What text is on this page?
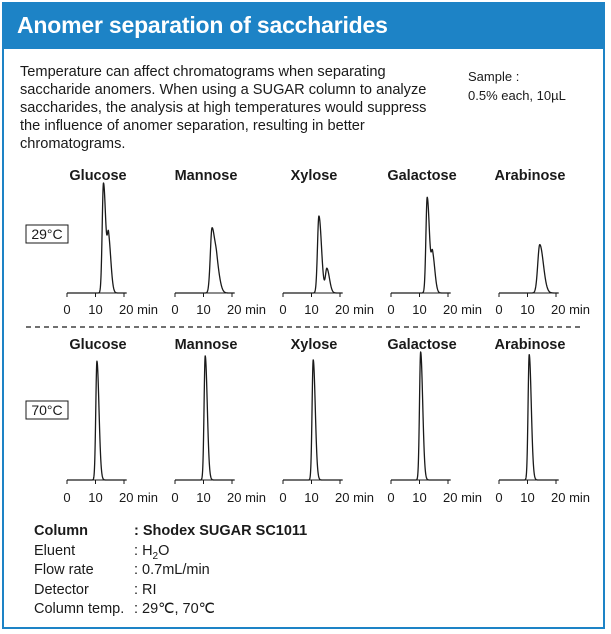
Anomer separation of saccharides
Temperature can affect chromatograms when separating saccharide anomers. When using a SUGAR column to analyze saccharides, the analysis at high temperatures would suppress the influence of anomer separation, resulting in better chromatograms.
Sample :
0.5% each, 10µL
29°C
Glucose
0 10 20 min
Mannose
0 10 20 min
Xylose
0 10 20 min
Galactose
0 10 20 min
Arabinose
0 10 20 min
70°C
Glucose
0 10 20 min
Mannose
0 10 20 min
Xylose
0 10 20 min
Galactose
0 10 20 min
Arabinose
0 10 20 min
Column	: Shodex SUGAR SC1011
Eluent	: $H_2O$
Flow rate	: 0.7mL/min
Detector	: RI
Column temp. : 29℃, 70℃
